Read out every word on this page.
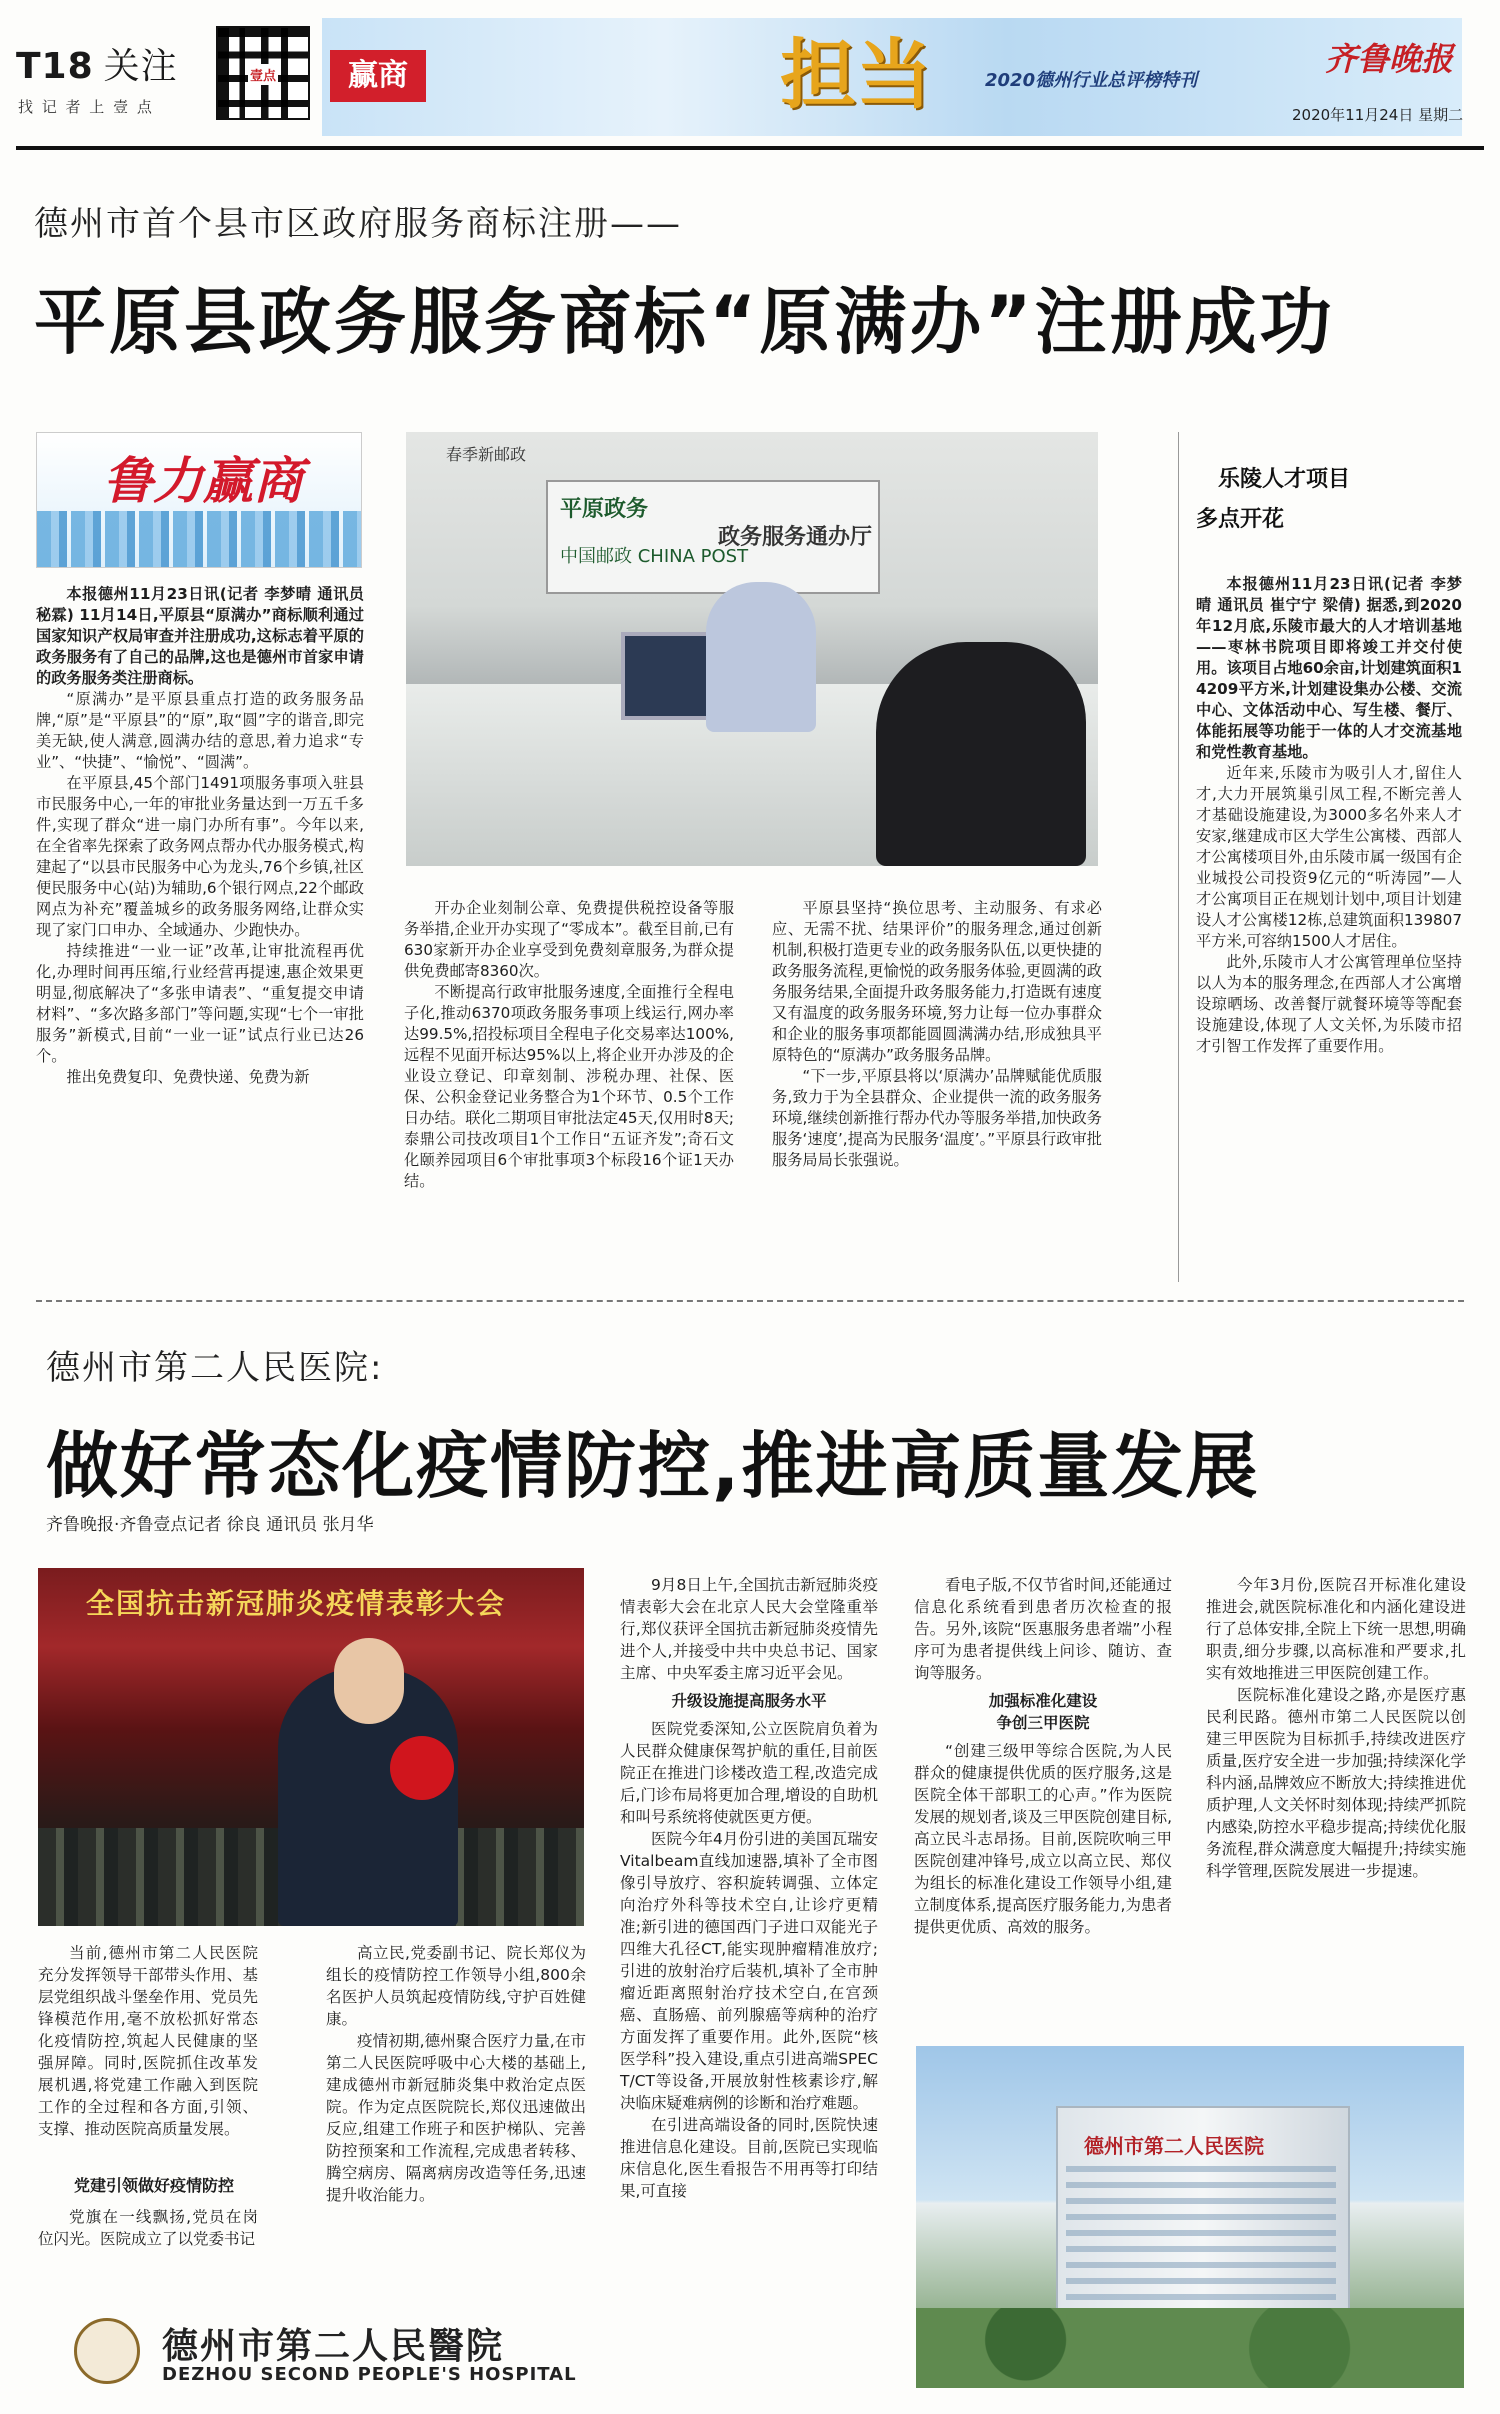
T18 关注
找 记 者 上 壹 点
壹点	赢商	担当	2020德州行业总评榜特刊
齐鲁晚报
2020年11月24日 星期二
德州市首个县市区政府服务商标注册——
平原县政务服务商标“原满办”注册成功
鲁力赢商	春季新邮政
平原政务
政务服务通办厅
中国邮政 CHINA POST

本报德州11月23日讯(记者 李梦晴 通讯员 秘霖) 11月14日,平原县“原满办”商标顺利通过国家知识产权局审查并注册成功,这标志着平原的政务服务有了自己的品牌,这也是德州市首家申请的政务服务类注册商标。

“原满办”是平原县重点打造的政务服务品牌,“原”是“平原县”的“原”,取“圆”字的谐音,即完美无缺,使人满意,圆满办结的意思,着力追求“专业”、“快捷”、“愉悦”、“圆满”。

在平原县,45个部门1491项服务事项入驻县市民服务中心,一年的审批业务量达到一万五千多件,实现了群众“进一扇门办所有事”。今年以来,在全省率先探索了政务网点帮办代办服务模式,构建起了“以县市民服务中心为龙头,76个乡镇,社区便民服务中心(站)为辅助,6个银行网点,22个邮政网点为补充”覆盖城乡的政务服务网络,让群众实现了家门口申办、全域通办、少跑快办。

持续推进“一业一证”改革,让审批流程再优化,办理时间再压缩,行业经营再提速,惠企效果更明显,彻底解决了“多张申请表”、“重复提交申请材料”、“多次路多部门”等问题,实现“七个一审批服务”新模式,目前“一业一证”试点行业已达26个。

推出免费复印、免费快递、免费为新

开办企业刻制公章、免费提供税控设备等服务举措,企业开办实现了“零成本”。截至目前,已有630家新开办企业享受到免费刻章服务,为群众提供免费邮寄8360次。

不断提高行政审批服务速度,全面推行全程电子化,推动6370项政务服务事项上线运行,网办率达99.5%,招投标项目全程电子化交易率达100%,远程不见面开标达95%以上,将企业开办涉及的企业设立登记、印章刻制、涉税办理、社保、医保、公积金登记业务整合为1个环节、0.5个工作日办结。联化二期项目审批法定45天,仅用时8天;泰鼎公司技改项目1个工作日“五证齐发”;奇石文化颐养园项目6个审批事项3个标段16个证1天办结。

平原县坚持“换位思考、主动服务、有求必应、无需不扰、结果评价”的服务理念,通过创新机制,积极打造更专业的政务服务队伍,以更快捷的政务服务流程,更愉悦的政务服务体验,更圆满的政务服务结果,全面提升政务服务能力,打造既有速度又有温度的政务服务环境,努力让每一位办事群众和企业的服务事项都能圆圆满满办结,形成独具平原特色的“原满办”政务服务品牌。

“下一步,平原县将以‘原满办’品牌赋能优质服务,致力于为全县群众、企业提供一流的政务服务环境,继续创新推行帮办代办等服务举措,加快政务服务‘速度’,提高为民服务‘温度’。”平原县行政审批服务局局长张强说。

乐陵人才项目
多点开花

本报德州11月23日讯(记者 李梦晴 通讯员 崔宁宁 梁倩) 据悉,到2020年12月底,乐陵市最大的人才培训基地——枣林书院项目即将竣工并交付使用。该项目占地60余亩,计划建筑面积14209平方米,计划建设集办公楼、交流中心、文体活动中心、写生楼、餐厅、体能拓展等功能于一体的人才交流基地和党性教育基地。

近年来,乐陵市为吸引人才,留住人才,大力开展筑巢引凤工程,不断完善人才基础设施建设,为3000多名外来人才安家,继建成市区大学生公寓楼、西部人才公寓楼项目外,由乐陵市属一级国有企业城投公司投资9亿元的“听涛园”—人才公寓项目正在规划计划中,项目计划建设人才公寓楼12栋,总建筑面积139807平方米,可容纳1500人才居住。

此外,乐陵市人才公寓管理单位坚持以人为本的服务理念,在西部人才公寓增设琼晒场、改善餐厅就餐环境等等配套设施建设,体现了人文关怀,为乐陵市招才引智工作发挥了重要作用。

德州市第二人民医院:
做好常态化疫情防控,推进高质量发展
齐鲁晚报·齐鲁壹点记者 徐良 通讯员 张月华
全国抗击新冠肺炎疫情表彰大会

当前,德州市第二人民医院充分发挥领导干部带头作用、基层党组织战斗堡垒作用、党员先锋模范作用,毫不放松抓好常态化疫情防控,筑起人民健康的坚强屏障。同时,医院抓住改革发展机遇,将党建工作融入到医院工作的全过程和各方面,引领、支撑、推动医院高质量发展。

党建引领做好疫情防控

党旗在一线飘扬,党员在岗位闪光。医院成立了以党委书记

高立民,党委副书记、院长郑仪为组长的疫情防控工作领导小组,800余名医护人员筑起疫情防线,守护百姓健康。

疫情初期,德州聚合医疗力量,在市第二人民医院呼吸中心大楼的基础上,建成德州市新冠肺炎集中救治定点医院。作为定点医院院长,郑仪迅速做出反应,组建工作班子和医护梯队、完善防控预案和工作流程,完成患者转移、腾空病房、隔离病房改造等任务,迅速提升收治能力。

德州市第二人民醫院
DEZHOU SECOND PEOPLE'S HOSPITAL

9月8日上午,全国抗击新冠肺炎疫情表彰大会在北京人民大会堂隆重举行,郑仪获评全国抗击新冠肺炎疫情先进个人,并接受中共中央总书记、国家主席、中央军委主席习近平会见。

升级设施提高服务水平

医院党委深知,公立医院肩负着为人民群众健康保驾护航的重任,目前医院正在推进门诊楼改造工程,改造完成后,门诊布局将更加合理,增设的自助机和叫号系统将使就医更方便。

医院今年4月份引进的美国瓦瑞安Vitalbeam直线加速器,填补了全市图像引导放疗、容积旋转调强、立体定向治疗外科等技术空白,让诊疗更精准;新引进的德国西门子进口双能光子四维大孔径CT,能实现肿瘤精准放疗;引进的放射治疗后装机,填补了全市肿瘤近距离照射治疗技术空白,在宫颈癌、直肠癌、前列腺癌等病种的治疗方面发挥了重要作用。此外,医院“核医学科”投入建设,重点引进高端SPECT/CT等设备,开展放射性核素诊疗,解决临床疑难病例的诊断和治疗难题。

在引进高端设备的同时,医院快速推进信息化建设。目前,医院已实现临床信息化,医生看报告不用再等打印结果,可直接

看电子版,不仅节省时间,还能通过信息化系统看到患者历次检查的报告。另外,该院“医惠服务患者端”小程序可为患者提供线上问诊、随访、查询等服务。

加强标准化建设

争创三甲医院

“创建三级甲等综合医院,为人民群众的健康提供优质的医疗服务,这是医院全体干部职工的心声。”作为医院发展的规划者,谈及三甲医院创建目标,高立民斗志昂扬。目前,医院吹响三甲医院创建冲锋号,成立以高立民、郑仪为组长的标准化建设工作领导小组,建立制度体系,提高医疗服务能力,为患者提供更优质、高效的服务。

今年3月份,医院召开标准化建设推进会,就医院标准化和内涵化建设进行了总体安排,全院上下统一思想,明确职责,细分步骤,以高标准和严要求,扎实有效地推进三甲医院创建工作。

医院标准化建设之路,亦是医疗惠民利民路。德州市第二人民医院以创建三甲医院为目标抓手,持续改进医疗质量,医疗安全进一步加强;持续深化学科内涵,品牌效应不断放大;持续推进优质护理,人文关怀时刻体现;持续严抓院内感染,防控水平稳步提高;持续优化服务流程,群众满意度大幅提升;持续实施科学管理,医院发展进一步提速。

德州市第二人民医院
